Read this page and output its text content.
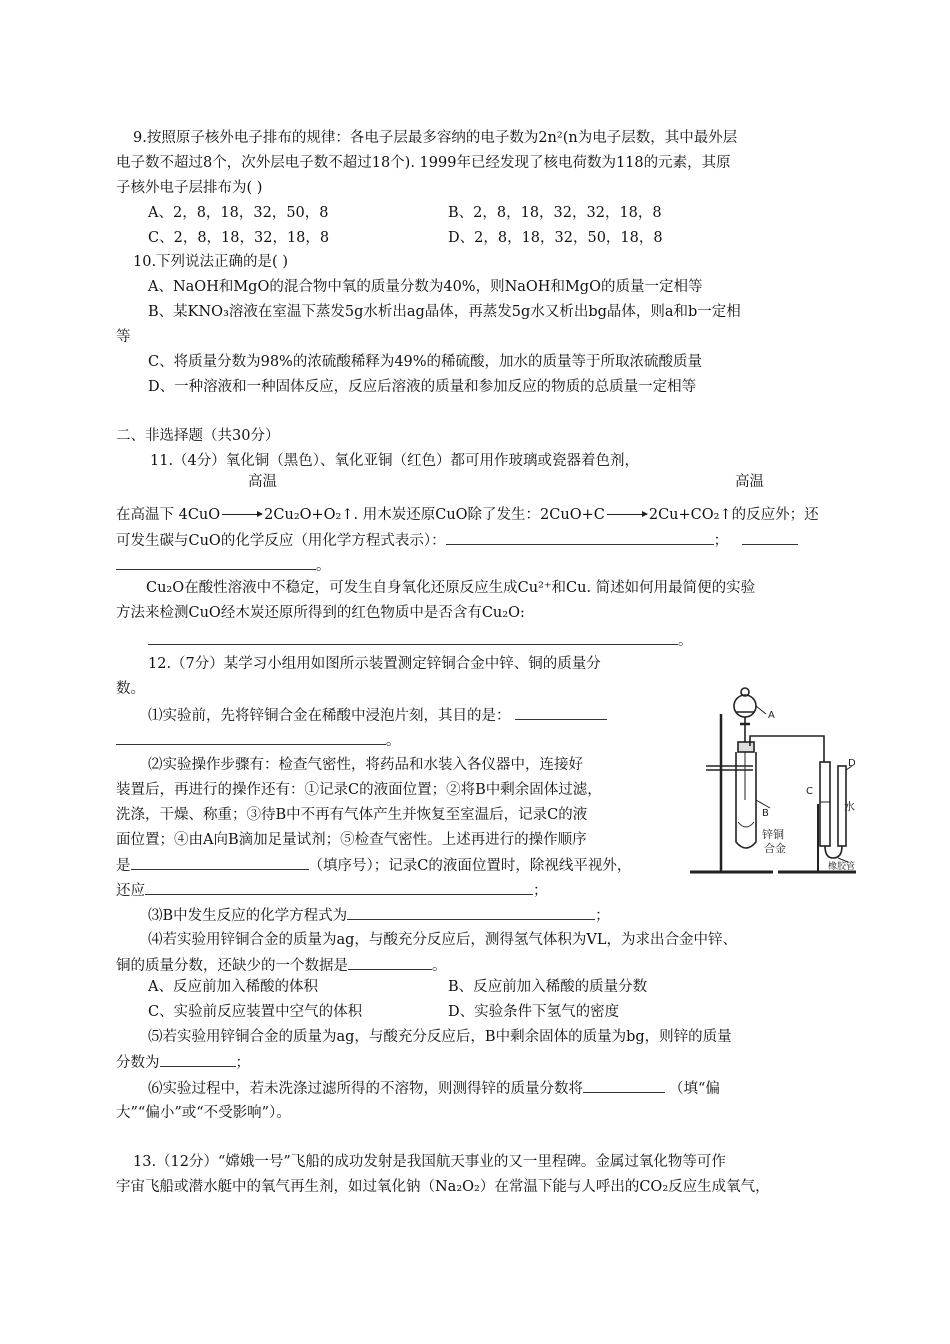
9.按照原子核外电子排布的规律：各电子层最多容纳的电子数为2n²(n为电子层数，其中最外层
电子数不超过8个，次外层电子数不超过18个). 1999年已经发现了核电荷数为118的元素，其原
子核外电子层排布为( )
A、2，8，18，32，50，8	B、2，8，18，32，32，18，8
C、2，8，18，32，18，8	D、2，8，18，32，50，18，8
10.下列说法正确的是( )
A、NaOH和MgO的混合物中氧的质量分数为40%，则NaOH和MgO的质量一定相等
B、某KNO₃溶液在室温下蒸发5g水析出ag晶体，再蒸发5g水又析出bg晶体，则a和b一定相
等
C、将质量分数为98%的浓硫酸稀释为49%的稀硫酸，加水的质量等于所取浓硫酸质量
D、一种溶液和一种固体反应，反应后溶液的质量和参加反应的物质的总质量一定相等
二、非选择题（共30分）
11.（4分）氧化铜（黑色）、氧化亚铜（红色）都可用作玻璃或瓷器着色剂，
高温	高温
在高温下 4CuO	2Cu₂O+O₂↑. 用木炭还原CuO除了发生：2CuO+C	2Cu+CO₂↑的反应外；还
可发生碳与CuO的化学反应（用化学方程式表示）：	；
。
Cu₂O在酸性溶液中不稳定，可发生自身氧化还原反应生成Cu²⁺和Cu. 简述如何用最简便的实验
方法来检测CuO经木炭还原所得到的红色物质中是否含有Cu₂O:
。
12.（7分）某学习小组用如图所示装置测定锌铜合金中锌、铜的质量分
数。
⑴实验前，先将锌铜合金在稀酸中浸泡片刻，其目的是：
。
⑵实验操作步骤有：检查气密性，将药品和水装入各仪器中，连接好
装置后，再进行的操作还有：①记录C的液面位置；②将B中剩余固体过滤，
洗涤，干燥、称重；③待B中不再有气体产生并恢复至室温后，记录C的液
面位置；④由A向B滴加足量试剂；⑤检查气密性。上述再进行的操作顺序
是	（填序号）；记录C的液面位置时，除视线平视外，
还应	；
⑶B中发生反应的化学方程式为	；
⑷若实验用锌铜合金的质量为ag，与酸充分反应后，测得氢气体积为VL，为求出合金中锌、
铜的质量分数，还缺少的一个数据是	。
A、反应前加入稀酸的体积	B、反应前加入稀酸的质量分数
C、实验前反应装置中空气的体积	D、实验条件下氢气的密度
⑸若实验用锌铜合金的质量为ag，与酸充分反应后，B中剩余固体的质量为bg，则锌的质量
分数为	；
⑹实验过程中，若未洗涤过滤所得的不溶物，则测得锌的质量分数将	（填“偏
大”“偏小”或“不受影响”）。
13.（12分）“嫦娥一号”飞船的成功发射是我国航天事业的又一里程碑。金属过氧化物等可作
宇宙飞船或潜水艇中的氧气再生剂，如过氧化钠（Na₂O₂）在常温下能与人呼出的CO₂反应生成氧气，
A
B
锌铜
合金
C
D
水
橡胶管
